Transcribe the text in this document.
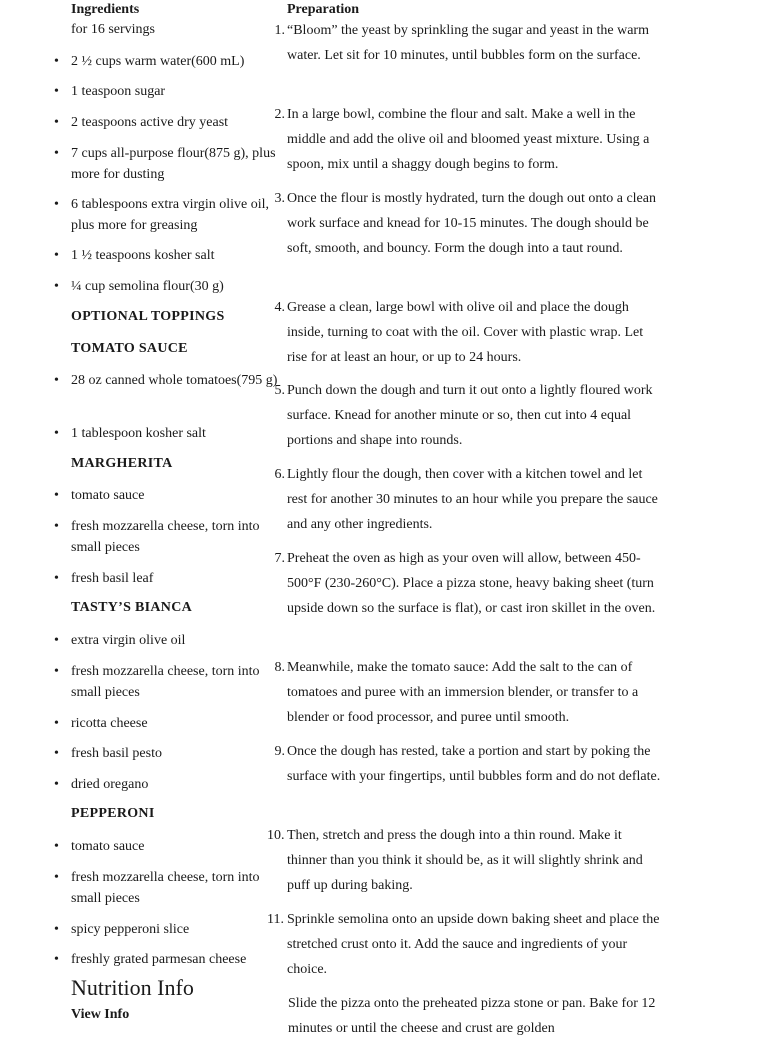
Ingredients
for 16 servings
• 2 ½ cups warm water(600 mL)
• 1 teaspoon sugar
• 2 teaspoons active dry yeast
• 7 cups all-purpose flour(875 g), plus more for dusting
• 6 tablespoons extra virgin olive oil, plus more for greasing
• 1 ½ teaspoons kosher salt
• ¼ cup semolina flour(30 g)
OPTIONAL TOPPINGS
TOMATO SAUCE
• 28 oz canned whole tomatoes(795 g)
• 1 tablespoon kosher salt
MARGHERITA
• tomato sauce
• fresh mozzarella cheese, torn into small pieces
• fresh basil leaf
TASTY’S BIANCA
• extra virgin olive oil
• fresh mozzarella cheese, torn into small pieces
• ricotta cheese
• fresh basil pesto
• dried oregano
PEPPERONI
• tomato sauce
• fresh mozzarella cheese, torn into small pieces
• spicy pepperoni slice
• freshly grated parmesan cheese
Nutrition Info
View Info
Preparation
1. “Bloom” the yeast by sprinkling the sugar and yeast in the warm water. Let sit for 10 minutes, until bubbles form on the surface.
2. In a large bowl, combine the flour and salt. Make a well in the middle and add the olive oil and bloomed yeast mixture. Using a spoon, mix until a shaggy dough begins to form.
3. Once the flour is mostly hydrated, turn the dough out onto a clean work surface and knead for 10-15 minutes. The dough should be soft, smooth, and bouncy. Form the dough into a taut round.
4. Grease a clean, large bowl with olive oil and place the dough inside, turning to coat with the oil. Cover with plastic wrap. Let rise for at least an hour, or up to 24 hours.
5. Punch down the dough and turn it out onto a lightly floured work surface. Knead for another minute or so, then cut into 4 equal portions and shape into rounds.
6. Lightly flour the dough, then cover with a kitchen towel and let rest for another 30 minutes to an hour while you prepare the sauce and any other ingredients.
7. Preheat the oven as high as your oven will allow, between 450-500°F (230-260°C). Place a pizza stone, heavy baking sheet (turn upside down so the surface is flat), or cast iron skillet in the oven.
8. Meanwhile, make the tomato sauce: Add the salt to the can of tomatoes and puree with an immersion blender, or transfer to a blender or food processor, and puree until smooth.
9. Once the dough has rested, take a portion and start by poking the surface with your fingertips, until bubbles form and do not deflate.
10. Then, stretch and press the dough into a thin round. Make it thinner than you think it should be, as it will slightly shrink and puff up during baking.
11. Sprinkle semolina onto an upside down baking sheet and place the stretched crust onto it. Add the sauce and ingredients of your choice.
Slide the pizza onto the preheated pizza stone or pan. Bake for 12 minutes or until the cheese and crust are golden
